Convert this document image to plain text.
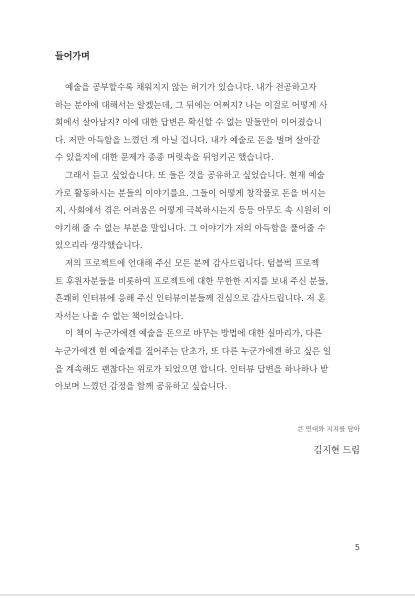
들어가며
예술을 공부할수록 채워지지 않는 허기가 있습니다. 내가 전공하고자
하는 분야에 대해서는 알겠는데, 그 뒤에는 어쩌지? 나는 이걸로 어떻게 사
회에서 살아남지? 이에 대한 답변은 확신할 수 없는 말들만이 이어졌습니
다. 저만 아득함을 느꼈던 게 아닐 겁니다. 내가 예술로 돈을 벌며 살아갈
수 있을지에 대한 문제가 종종 머릿속을 뒤엉키곤 했습니다.
그래서 듣고 싶었습니다. 또 들은 것을 공유하고 싶었습니다. 현재 예술
가로 활동하시는 분들의 이야기를요. 그들이 어떻게 창작물로 돈을 버시는
지, 사회에서 겪은 어려움은 어떻게 극복하시는지 등등 아무도 속 시원히 이
야기해 줄 수 없는 부분을 말입니다. 그 이야기가 저의 아득함을 풀어줄 수
있으리라 생각했습니다.
저의 프로젝트에 언대해 주신 모든 분께 감사드립니다. 텀블벅 프로젝
트 후원자분들을 비롯하여 프로젝트에 대한 무한한 지지를 보내 주신 분들,
흔쾌히 인터뷰에 응해 주신 인터뷰이분들께 진심으로 감사드립니다. 저 혼
자서는 나올 수 없는 책이었습니다.
이 책이 누군가에겐 예술을 돈으로 바꾸는 방법에 대한 실마리가, 다른
누군가에겐 현 예술계를 짚어주는 단초가, 또 다른 누군가에겐 하고 싶은 일
을 계속해도 괜찮다는 위로가 되었으면 합니다. 인터뷰 답변을 하나하나 받
아보며 느꼈던 감정을 함께 공유하고 싶습니다.
큰 연대와 지지를 담아
김지현 드림
5
